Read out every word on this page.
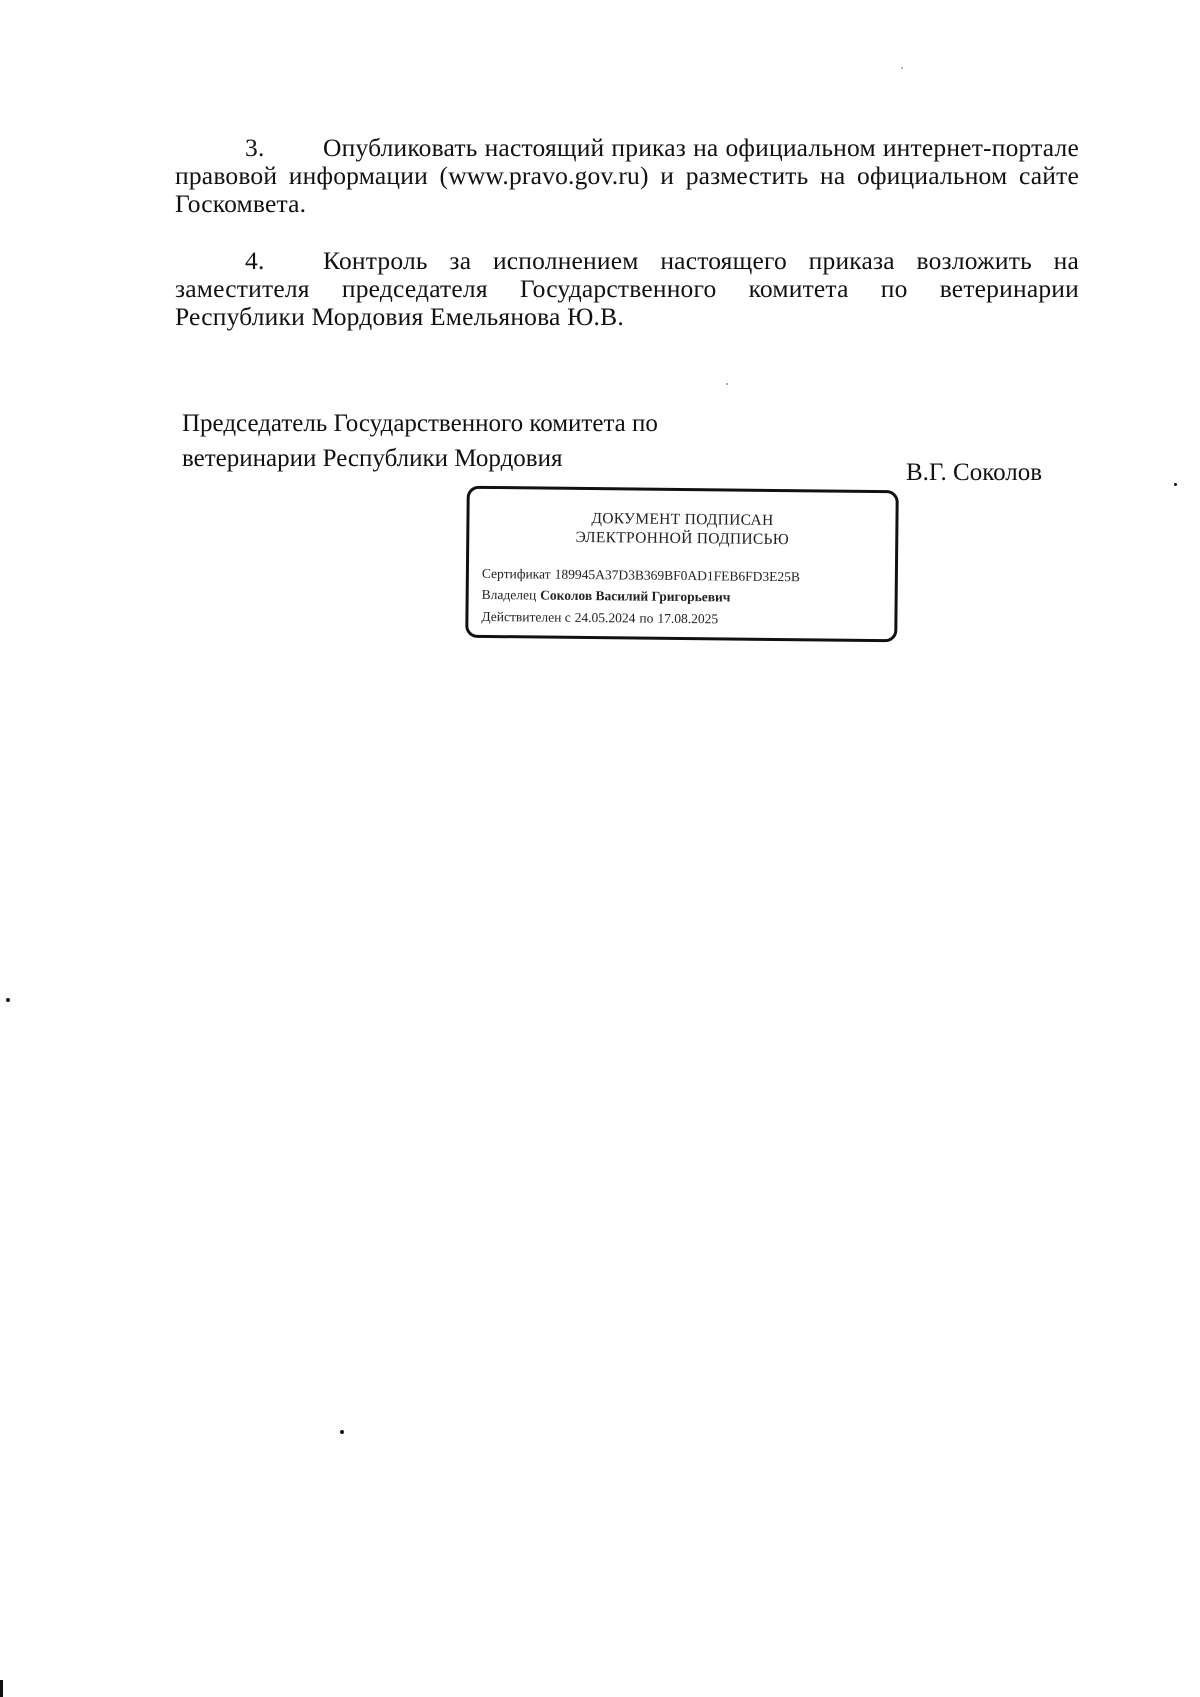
3. Опубликовать настоящий приказ на официальном интернет-портале правовой информации (www.pravo.gov.ru) и разместить на официальном сайте Госкомвета.
4. Контроль за исполнением настоящего приказа возложить на заместителя председателя Государственного комитета по ветеринарии Республики Мордовия Емельянова Ю.В.
Председатель Государственного комитета по
ветеринарии Республики Мордовия
В.Г. Соколов
ДОКУМЕНТ ПОДПИСАН
ЭЛЕКТРОННОЙ ПОДПИСЬЮ
Сертификат 189945A37D3B369BF0AD1FEB6FD3E25B
Владелец Соколов Василий Григорьевич
Действителен с 24.05.2024 по 17.08.2025
